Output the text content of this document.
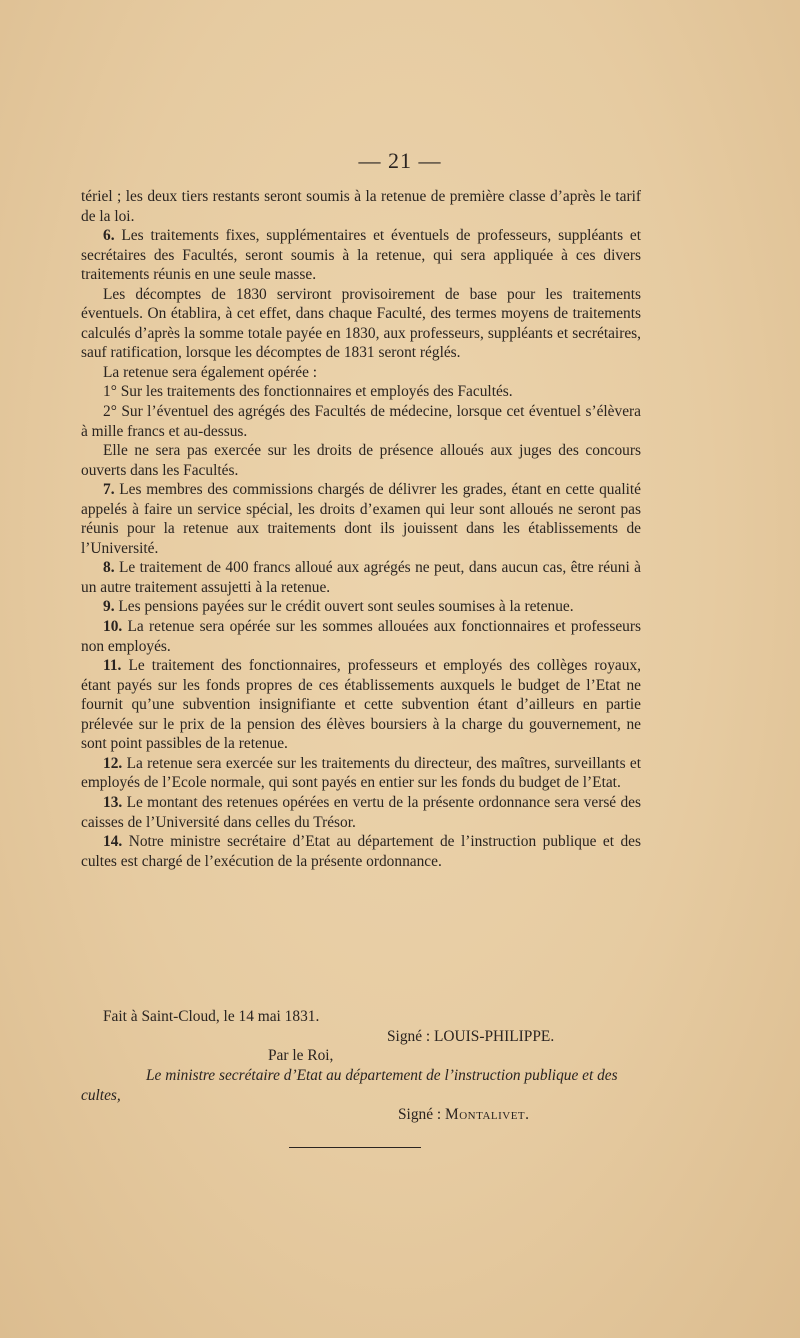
— 21 —

tériel ; les deux tiers restants seront soumis à la retenue de première classe d’après le tarif de la loi.

6. Les traitements fixes, supplémentaires et éventuels de professeurs, suppléants et secrétaires des Facultés, seront soumis à la retenue, qui sera appliquée à ces divers traitements réunis en une seule masse.

Les décomptes de 1830 serviront provisoirement de base pour les traitements éventuels. On établira, à cet effet, dans chaque Faculté, des termes moyens de traitements calculés d’après la somme totale payée en 1830, aux professeurs, suppléants et secrétaires, sauf ratification, lorsque les décomptes de 1831 seront réglés.

La retenue sera également opérée :

1° Sur les traitements des fonctionnaires et employés des Facultés.

2° Sur l’éventuel des agrégés des Facultés de médecine, lorsque cet éventuel s’élèvera à mille francs et au-dessus.

Elle ne sera pas exercée sur les droits de présence alloués aux juges des concours ouverts dans les Facultés.

7. Les membres des commissions chargés de délivrer les grades, étant en cette qualité appelés à faire un service spécial, les droits d’examen qui leur sont alloués ne seront pas réunis pour la retenue aux traitements dont ils jouissent dans les établissements de l’Université.

8. Le traitement de 400 francs alloué aux agrégés ne peut, dans aucun cas, être réuni à un autre traitement assujetti à la retenue.

9. Les pensions payées sur le crédit ouvert sont seules soumises à la retenue.

10. La retenue sera opérée sur les sommes allouées aux fonctionnaires et professeurs non employés.

11. Le traitement des fonctionnaires, professeurs et employés des collèges royaux, étant payés sur les fonds propres de ces établissements auxquels le budget de l’Etat ne fournit qu’une subvention insignifiante et cette subvention étant d’ailleurs en partie prélevée sur le prix de la pension des élèves boursiers à la charge du gouvernement, ne sont point passibles de la retenue.

12. La retenue sera exercée sur les traitements du directeur, des maîtres, surveillants et employés de l’Ecole normale, qui sont payés en entier sur les fonds du budget de l’Etat.

13. Le montant des retenues opérées en vertu de la présente ordonnance sera versé des caisses de l’Université dans celles du Trésor.

14. Notre ministre secrétaire d’Etat au département de l’instruction publique et des cultes est chargé de l’exécution de la présente ordonnance.

Fait à Saint-Cloud, le 14 mai 1831.
Signé : LOUIS-PHILIPPE.
Par le Roi,
Le ministre secrétaire d’Etat au département de l’instruction publique et des cultes,
Signé : Montalivet.
